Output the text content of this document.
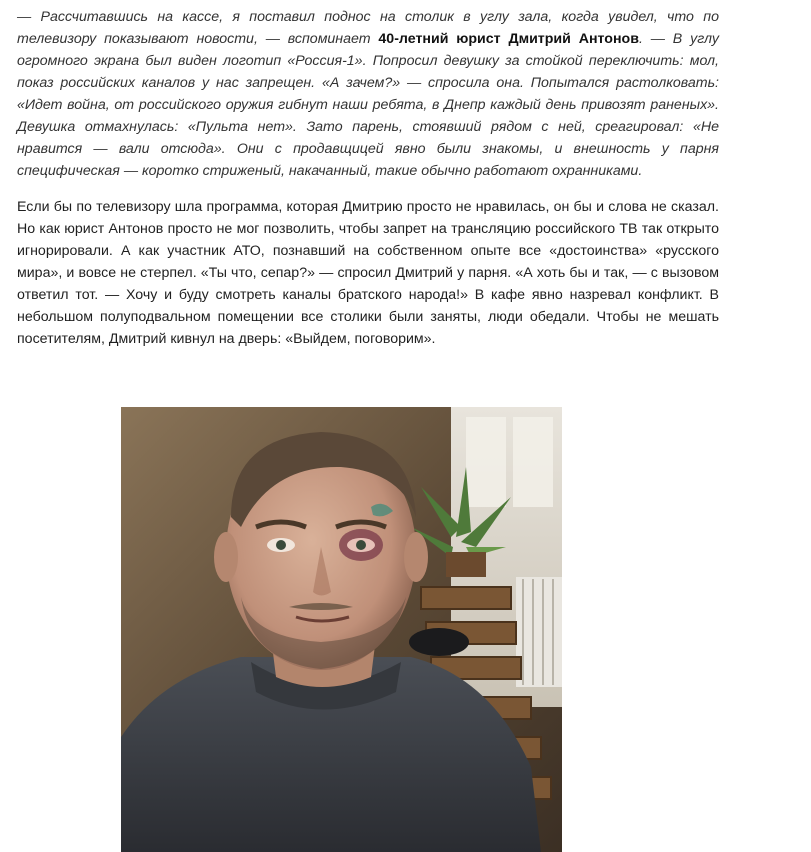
— Рассчитавшись на кассе, я поставил поднос на столик в углу зала, когда увидел, что по телевизору показывают новости, — вспоминает 40-летний юрист Дмитрий Антонов. — В углу огромного экрана был виден логотип «Россия-1». Попросил девушку за стойкой переключить: мол, показ российских каналов у нас запрещен. «А зачем?» — спросила она. Попытался растолковать: «Идет война, от российского оружия гибнут наши ребята, в Днепр каждый день привозят раненых». Девушка отмахнулась: «Пульта нет». Зато парень, стоявший рядом с ней, среагировал: «Не нравится — вали отсюда». Они с продавщицей явно были знакомы, и внешность у парня специфическая — коротко стриженый, накачанный, такие обычно работают охранниками.

Если бы по телевизору шла программа, которая Дмитрию просто не нравилась, он бы и слова не сказал. Но как юрист Антонов просто не мог позволить, чтобы запрет на трансляцию российского ТВ так открыто игнорировали. А как участник АТО, познавший на собственном опыте все «достоинства» «русского мира», и вовсе не стерпел. «Ты что, сепар?» — спросил Дмитрий у парня. «А хоть бы и так, — с вызовом ответил тот. — Хочу и буду смотреть каналы братского народа!» В кафе явно назревал конфликт. В небольшом полуподвальном помещении все столики были заняты, люди обедали. Чтобы не мешать посетителям, Дмитрий кивнул на дверь: «Выйдем, поговорим».
